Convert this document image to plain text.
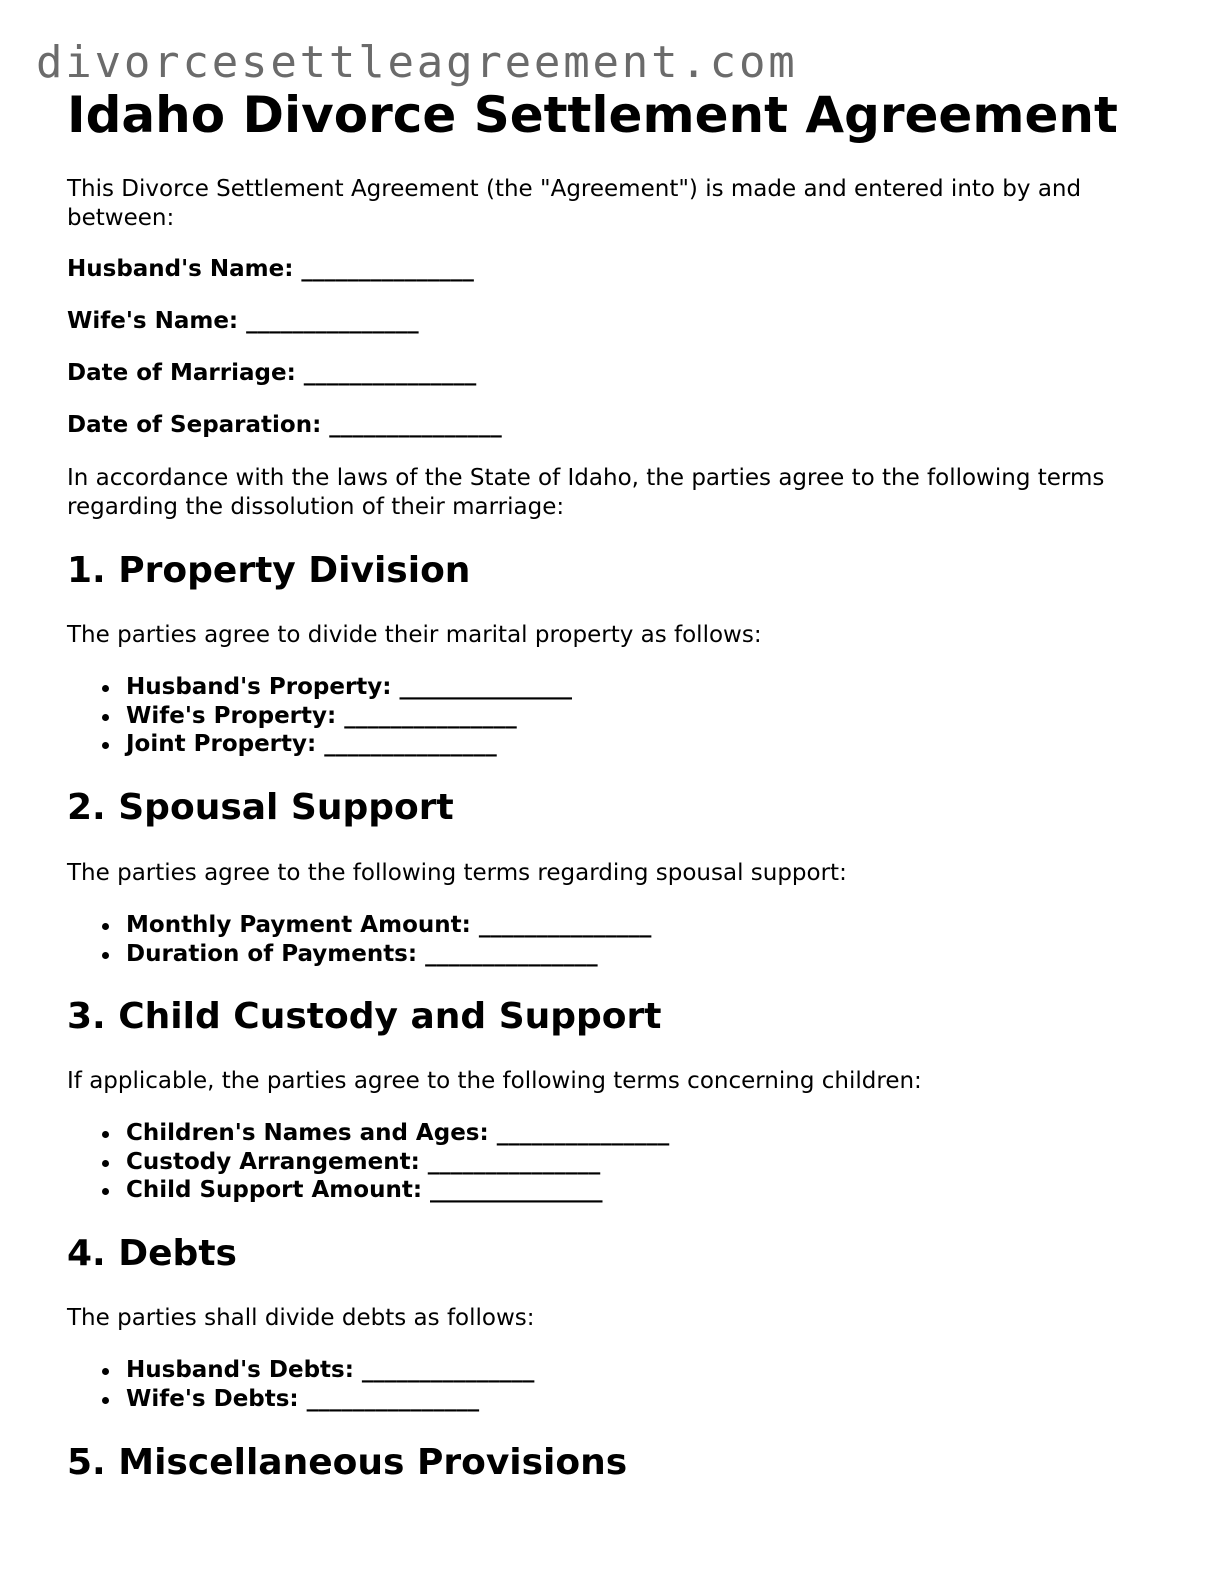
divorcesettleagreement.com
Idaho Divorce Settlement Agreement

This Divorce Settlement Agreement (the "Agreement") is made and entered into by and between:

Husband's Name: _______________

Wife's Name: _______________

Date of Marriage: _______________

Date of Separation: _______________

In accordance with the laws of the State of Idaho, the parties agree to the following terms regarding the dissolution of their marriage:

1. Property Division

The parties agree to divide their marital property as follows:

Husband's Property: _______________
Wife's Property: _______________
Joint Property: _______________
2. Spousal Support

The parties agree to the following terms regarding spousal support:

Monthly Payment Amount: _______________
Duration of Payments: _______________
3. Child Custody and Support

If applicable, the parties agree to the following terms concerning children:

Children's Names and Ages: _______________
Custody Arrangement: _______________
Child Support Amount: _______________
4. Debts

The parties shall divide debts as follows:

Husband's Debts: _______________
Wife's Debts: _______________
5. Miscellaneous Provisions
